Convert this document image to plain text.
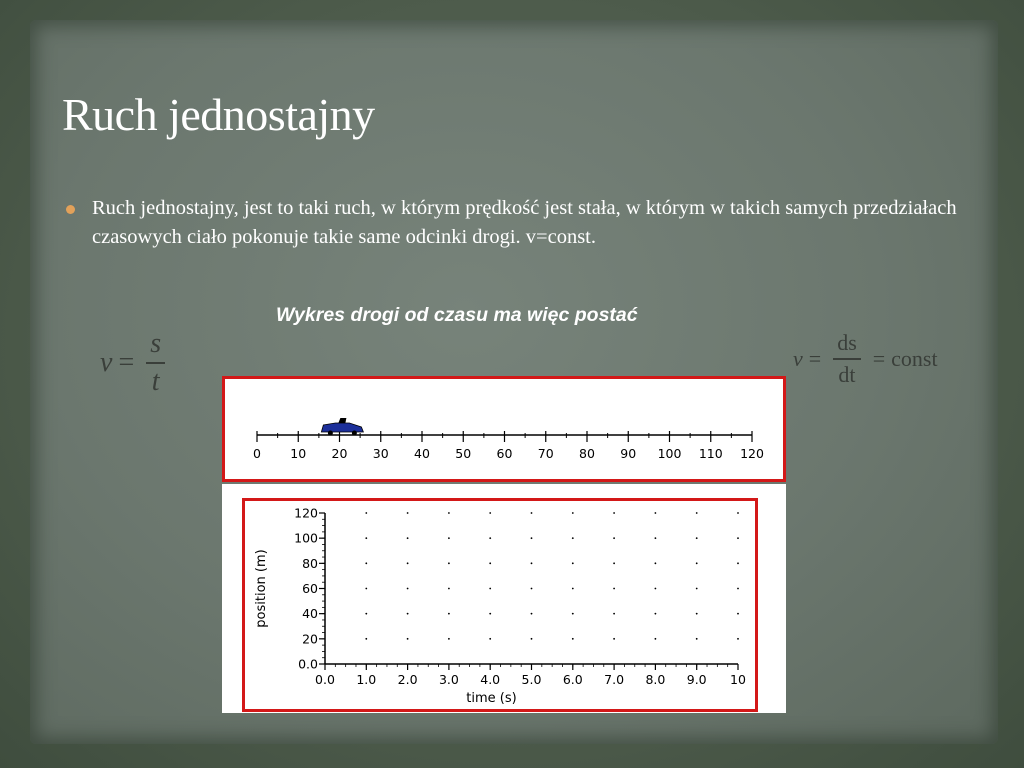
Ruch jednostajny

Ruch jednostajny, jest to taki ruch, w którym prędkość jest stała, w którym w takich samych przedziałach czasowych ciało pokonuje takie same odcinki drogi. v=const.

Wykres drogi od czasu ma więc postać

$v = \frac{s}{t}$	$v = \frac{ds}{dt}$ = const
0 10 20 30 40 50 60 70 80 90 100 110 120
0.0 1.0 2.0 3.0 4.0 5.0 6.0 7.0 8.0 9.0 10
0.0
20
40
60
80
100
120
time (s)
position (m)
